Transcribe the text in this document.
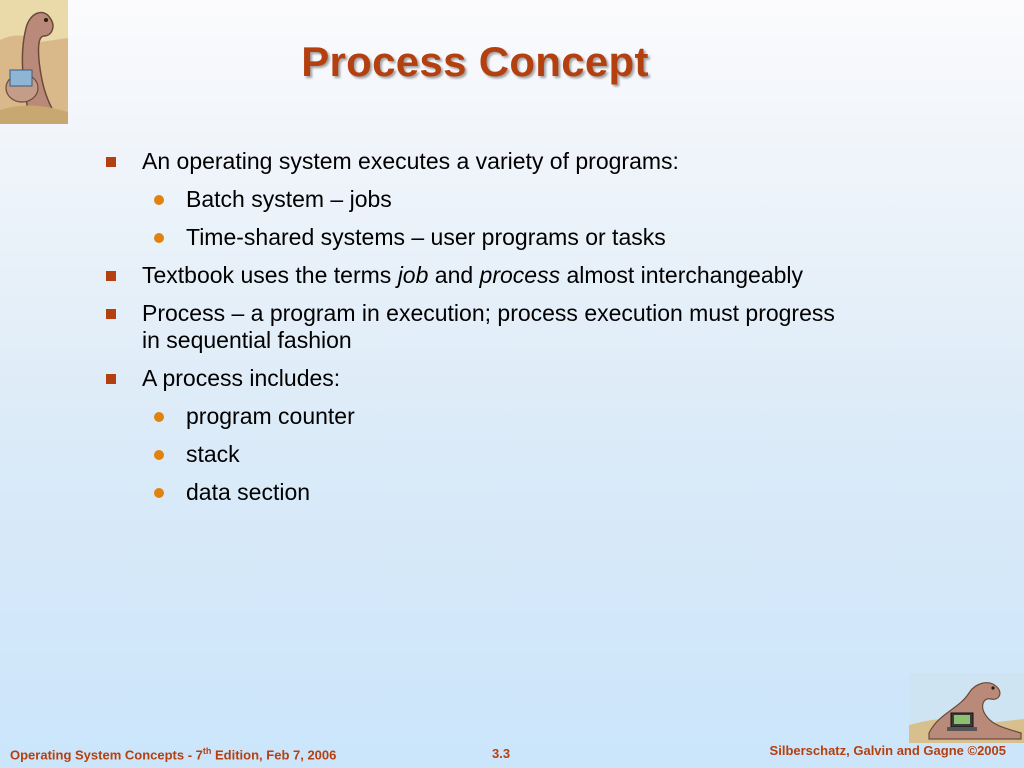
Process Concept
An operating system executes a variety of programs:
Batch system – jobs
Time-shared systems – user programs or tasks
Textbook uses the terms job and process almost interchangeably
Process – a program in execution; process execution must progress in sequential fashion
A process includes:
program counter
stack
data section
Operating System Concepts - 7th Edition, Feb 7, 2006	3.3	Silberschatz, Galvin and Gagne ©2005
